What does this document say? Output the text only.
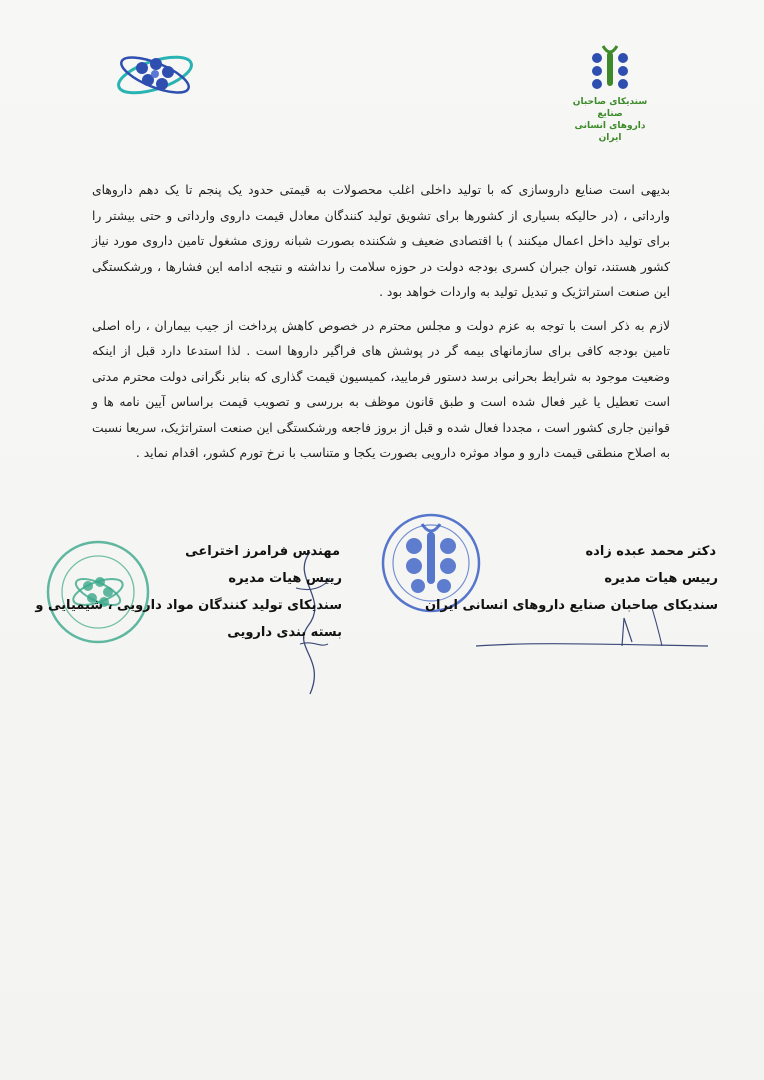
سندیکای صاحبان صنایع
داروهای انسانی ایران

بدیهی است صنایع داروسازی که با تولید داخلی اغلب محصولات به قیمتی حدود یک پنجم تا یک دهم داروهای وارداتی ، (در حالیکه بسیاری از کشورها برای تشویق تولید کنندگان معادل قیمت داروی وارداتی و حتی بیشتر را برای تولید داخل اعمال میکنند ) با اقتصادی ضعیف و شکننده بصورت شبانه روزی مشغول تامین داروی مورد نیاز کشور هستند، توان جبران کسری بودجه دولت در حوزه سلامت را نداشته و نتیجه ادامه این فشارها ، ورشکستگی این صنعت استراتژیک و تبدیل تولید به واردات خواهد بود .

لازم به ذکر است با توجه به عزم دولت و مجلس محترم در خصوص کاهش پرداخت از جیب بیماران ، راه اصلی تامین بودجه کافی برای سازمانهای بیمه گر در پوشش های فراگیر داروها است . لذا استدعا دارد قبل از اینکه وضعیت موجود به شرایط بحرانی برسد دستور فرمایید، کمیسیون قیمت گذاری که بنابر نگرانی دولت محترم مدتی است تعطیل یا غیر فعال شده است و طبق قانون موظف به بررسی و تصویب قیمت براساس آیین نامه ها و قوانین جاری کشور است ، مجددا فعال شده و قبل از بروز فاجعه ورشکستگی این صنعت استراتژیک، سریعا نسبت به اصلاح منطقی قیمت دارو و مواد موثره دارویی بصورت یکجا و متناسب با نرخ تورم کشور، اقدام نماید .

دکتر محمد عبده زاده
رییس هیات مدیره
سندیکای صاحبان صنایع داروهای انسانی ایران
مهندس فرامرز اختراعی
رییس هیات مدیره
سندیکای تولید کنندگان مواد دارویی ، شیمیایی و
بسته بندی دارویی
